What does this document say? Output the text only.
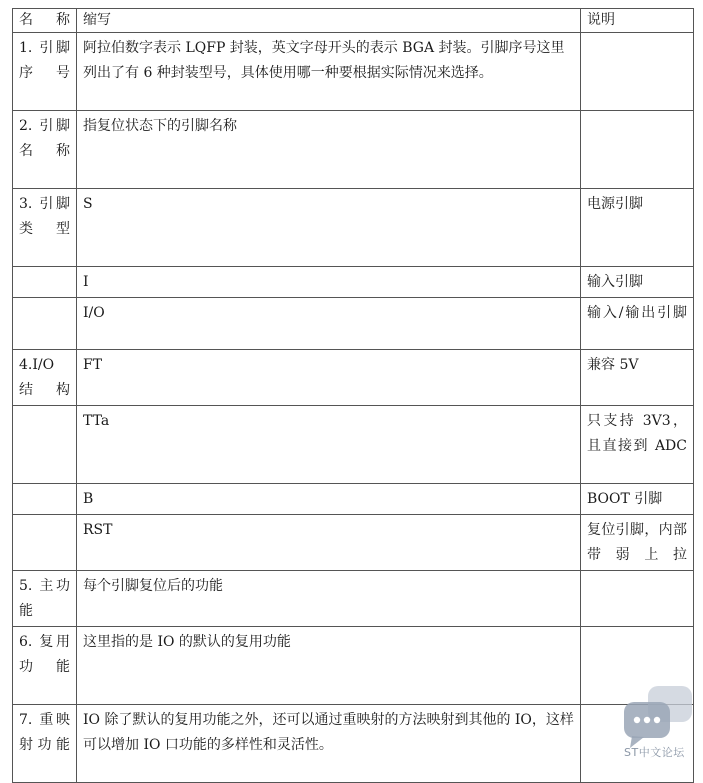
名称	缩写	说明
1. 引脚序号	阿拉伯数字表示 LQFP 封装，英文字母开头的表示 BGA 封装。引脚序号这里列出了有 6 种封装型号，具体使用哪一种要根据实际情况来选择。	
2. 引脚名称	指复位状态下的引脚名称	
3. 引脚类型	S	电源引脚
	I	输入引脚
	I/O	输入/输出引脚
4.I/O 结构	FT	兼容 5V
	TTa	只支持 3V3，且直接到 ADC
	B	BOOT 引脚
	RST	复位引脚，内部带弱上拉
5. 主功能	每个引脚复位后的功能	
6. 复用功能	这里指的是 IO 的默认的复用功能	
7. 重映射功能	IO 除了默认的复用功能之外，还可以通过重映射的方法映射到其他的 IO，这样可以增加 IO 口功能的多样性和灵活性。		ST中文论坛
